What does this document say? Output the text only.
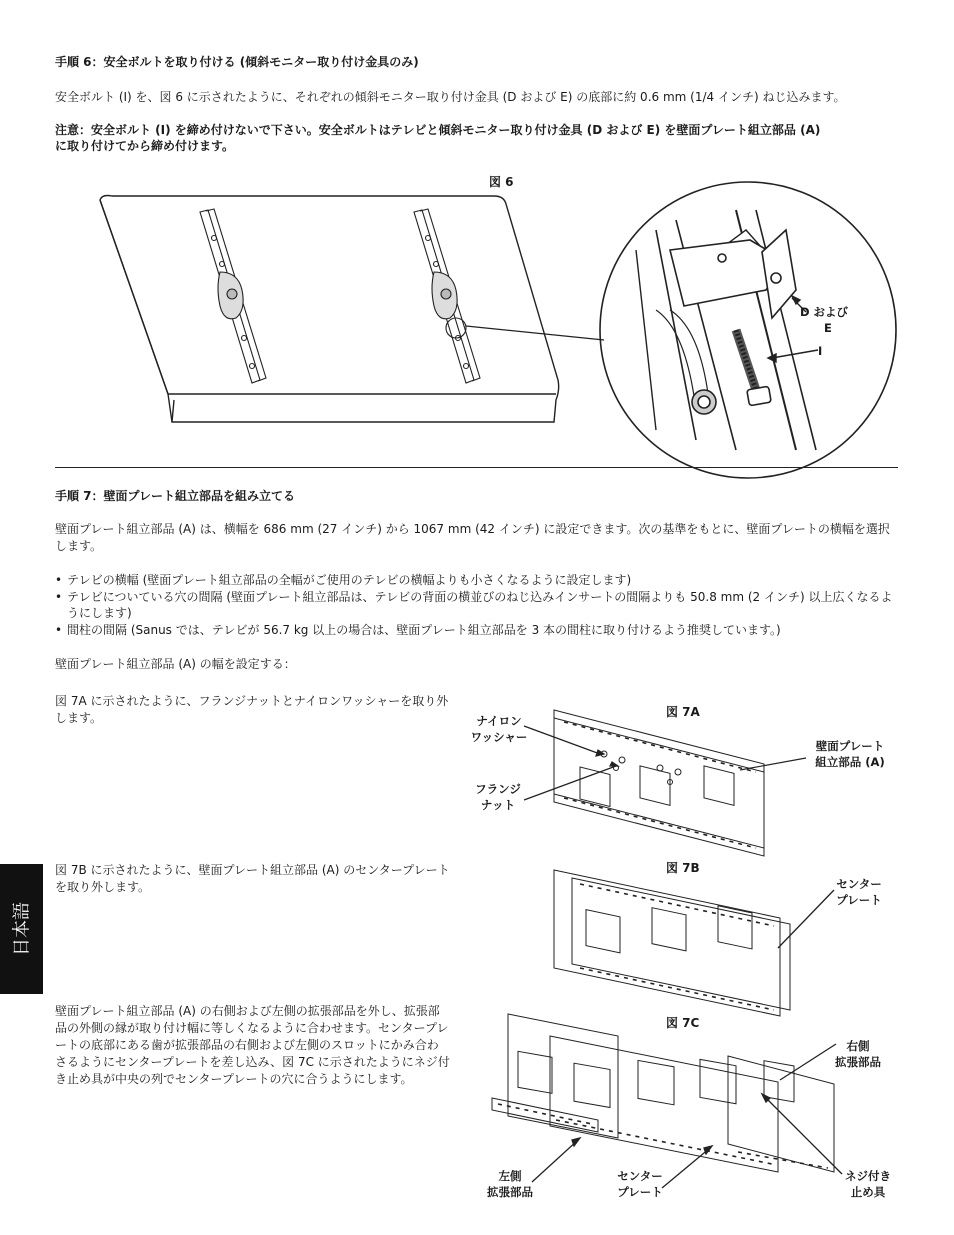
手順 6：安全ボルトを取り付ける (傾斜モニター取り付け金具のみ)
安全ボルト (I) を、図 6 に示されたように、それぞれの傾斜モニター取り付け金具 (D および E) の底部に約 0.6 mm (1/4 インチ) ねじ込みます。
注意：安全ボルト (I) を締め付けないで下さい。安全ボルトはテレビと傾斜モニター取り付け金具 (D および E) を壁面プレート組立部品 (A)
に取り付けてから締め付けます。
図 6
D および
E
I
手順 7：壁面プレート組立部品を組み立てる
壁面プレート組立部品 (A) は、横幅を 686 mm (27 インチ) から 1067 mm (42 インチ) に設定できます。次の基準をもとに、壁面プレートの横幅を選択します。
• テレビの横幅 (壁面プレート組立部品の全幅がご使用のテレビの横幅よりも小さくなるように設定します)
• テレビについている穴の間隔 (壁面プレート組立部品は、テレビの背面の横並びのねじ込みインサートの間隔よりも 50.8 mm (2 インチ) 以上広くなるようにします)
• 間柱の間隔 (Sanus では、テレビが 56.7 kg 以上の場合は、壁面プレート組立部品を 3 本の間柱に取り付けるよう推奨しています。)
壁面プレート組立部品 (A) の幅を設定する：
図 7A に示されたように、フランジナットとナイロンワッシャーを取り外します。
図 7B に示されたように、壁面プレート組立部品 (A) のセンタープレートを取り外します。
壁面プレート組立部品 (A) の右側および左側の拡張部品を外し、拡張部品の外側の縁が取り付け幅に等しくなるように合わせます。センタープレートの底部にある歯が拡張部品の右側および左側のスロットにかみ合わさるようにセンタープレートを差し込み、図 7C に示されたようにネジ付き止め具が中央の列でセンタープレートの穴に合うようにします。
図 7A
ナイロン
ワッシャー
フランジ
ナット
壁面プレート
組立部品 (A)
図 7B
センター
プレート
図 7C
右側
拡張部品
左側
拡張部品
センター
プレート
ネジ付き
止め具
日本語
